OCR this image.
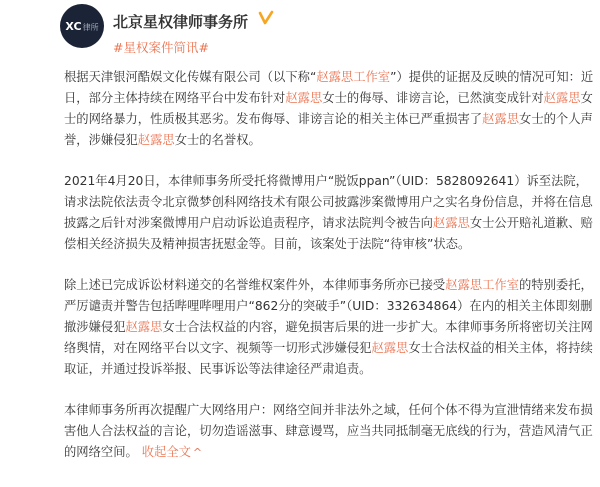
XC律所 北京星权律师事务所
#星权案件简讯#

根据天津银河酷娱文化传媒有限公司（以下称“赵露思工作室”）提供的证据及反映的情况可知：近日，部分主体持续在网络平台中发布针对赵露思女士的侮辱、诽谤言论，已然演变成针对赵露思女士的网络暴力，性质极其恶劣。发布侮辱、诽谤言论的相关主体已严重损害了赵露思女士的个人声誉，涉嫌侵犯赵露思女士的名誉权。

2021年4月20日，本律师事务所受托将微博用户“脱饭ppan”（UID：5828092641）诉至法院，请求法院依法责令北京微梦创科网络技术有限公司披露涉案微博用户之实名身份信息，并将在信息披露之后针对涉案微博用户启动诉讼追责程序，请求法院判令被告向赵露思女士公开赔礼道歉、赔偿相关经济损失及精神损害抚慰金等。目前，该案处于法院“待审核”状态。

除上述已完成诉讼材料递交的名誉维权案件外，本律师事务所亦已接受赵露思工作室的特别委托，严厉谴责并警告包括哔哩哔哩用户“862分的突破手”（UID：332634864）在内的相关主体即刻删撤涉嫌侵犯赵露思女士合法权益的内容，避免损害后果的进一步扩大。本律师事务所将密切关注网络舆情，对在网络平台以文字、视频等一切形式涉嫌侵犯赵露思女士合法权益的相关主体，将持续取证，并通过投诉举报、民事诉讼等法律途径严肃追责。

本律师事务所再次提醒广大网络用户：网络空间并非法外之域，任何个体不得为宣泄情绪来发布损害他人合法权益的言论，切勿造谣滋事、肆意谩骂，应当共同抵制毫无底线的行为，营造风清气正的网络空间。 收起全文 ^
